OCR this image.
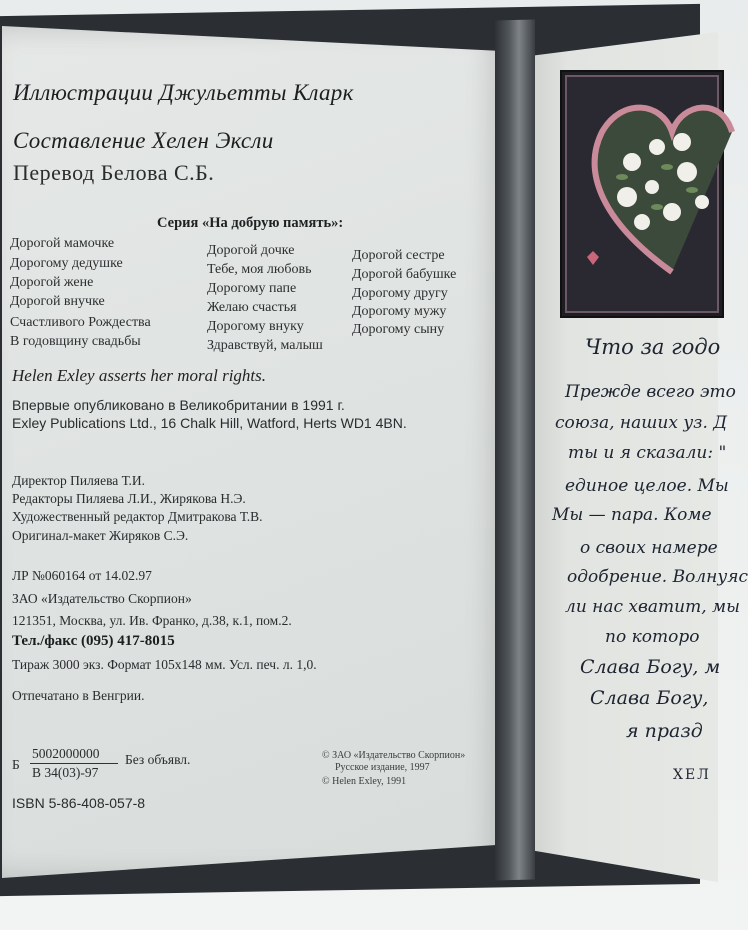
Иллюстрации Джульетты Кларк
Составление Хелен Эксли
Перевод Белова С.Б.
Серия «На добрую память»:
Дорогой мамочке
Дорогому дедушке
Дорогой жене
Дорогой внучке
Счастливого Рождества
В годовщину свадьбы
Дорогой дочке
Тебе, моя любовь
Дорогому папе
Желаю счастья
Дорогому внуку
Здравствуй, малыш
Дорогой сестре
Дорогой бабушке
Дорогому другу
Дорогому мужу
Дорогому сыну
Helen Exley asserts her moral rights.
Впервые опубликовано в Великобритании в 1991 г.
Exley Publications Ltd., 16 Chalk Hill, Watford, Herts WD1 4BN.
Директор Пиляева Т.И.
Редакторы Пиляева Л.И., Жирякова Н.Э.
Художественный редактор Дмитракова Т.В.
Оригинал-макет Жиряков С.Э.
ЛР №060164 от 14.02.97
ЗАО «Издательство Скорпион»
121351, Москва, ул. Ив. Франко, д.38, к.1, пом.2.
Тел./факс (095) 417-8015
Тираж 3000 экз. Формат 105x148 мм. Усл. печ. л. 1,0.
Отпечатано в Венгрии.
Б
5002000000
В 34(03)-97
Без объявл.
ISBN 5-86-408-057-8
© ЗАО «Издательство Скорпион»
Русское издание, 1997
© Helen Exley, 1991
Что за годо
Прежде всего это
союза, наших уз. Д
ты и я сказали: "
единое целое. Мы
Мы — пара. Коме
о своих намере
одобрение. Волнуяс
ли нас хватит, мы
по которо
Слава Богу, м
Слава Богу,
я празд
ХЕЛ
